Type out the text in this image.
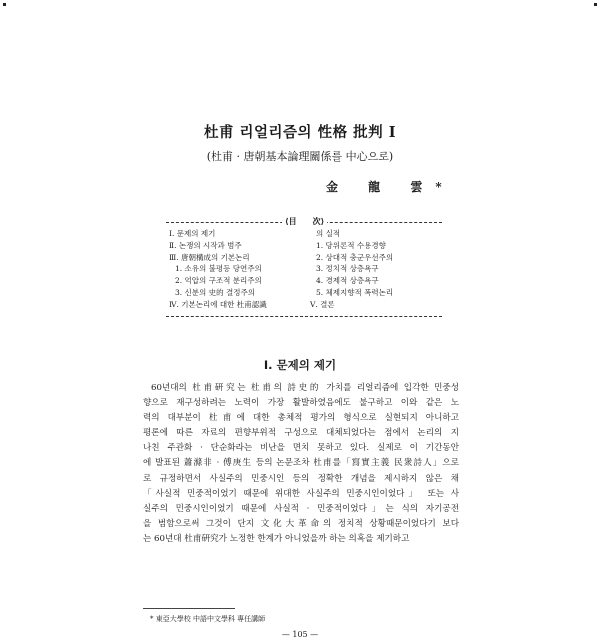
杜甫 리얼리즘의 性格 批判 Ⅰ
(杜甫 · 唐朝基本論理關係를 中心으로)
金 龍 雲*
⟨目　　次⟩
Ⅰ. 문제의 제기
Ⅱ. 논쟁의 시작과 범주
Ⅲ. 唐朝構成의 기본논리
1. 소유의 불평등 당연주의
2. 억압의 구조적 분리주의
3. 신분의 史的 결정주의
Ⅳ. 기본논리에 대한 杜甫認識
의 실적
1. 당위론적 수용경향
2. 상대적 충군우선주의
3. 정치적 상층욕구
4. 경제적 상층욕구
5. 체제지향적 폭력논리
Ⅴ. 결론
Ⅰ. 문제의 제기
60년대의 杜甫硏究는 杜甫의 詩史的 가치를 리얼리즘에 입각한 민중성
향으로 재구성하려는 노력이 가장 활발하였음에도 불구하고 이와 같은 노
력의 대부분이 杜甫에 대한 총체적 평가의 형식으로 실현되지 아니하고
평론에 따른 자료의 편향부위적 구성으로 대체되었다는 점에서 논리의 지
나친 주관화 · 단순화라는 비난을 면치 못하고 있다. 실제로 이 기간동안
에 발표된 蕭滌非 · 傅庚生 등의 논문조차 杜甫를「寫實主義 民衆詩人」으로
로 규정하면서 사실주의 민중시인 등의 정확한 개념을 제시하지 않은 채
「사실적 민중적이었기 때문에 위대한 사실주의 민중시인이었다」 또는 사
실주의 민중시인이었기 때문에 사실적 · 민중적이었다」는 식의 자기공전
을 범함으로써 그것이 단지 文化大革命의 정치적 상황때문이었다기 보다
는 60년대 杜甫硏究가 노정한 한계가 아니었을까 하는 의혹을 제기하고
* 東亞大學校 中語中文學科 專任講師
— 105 —
